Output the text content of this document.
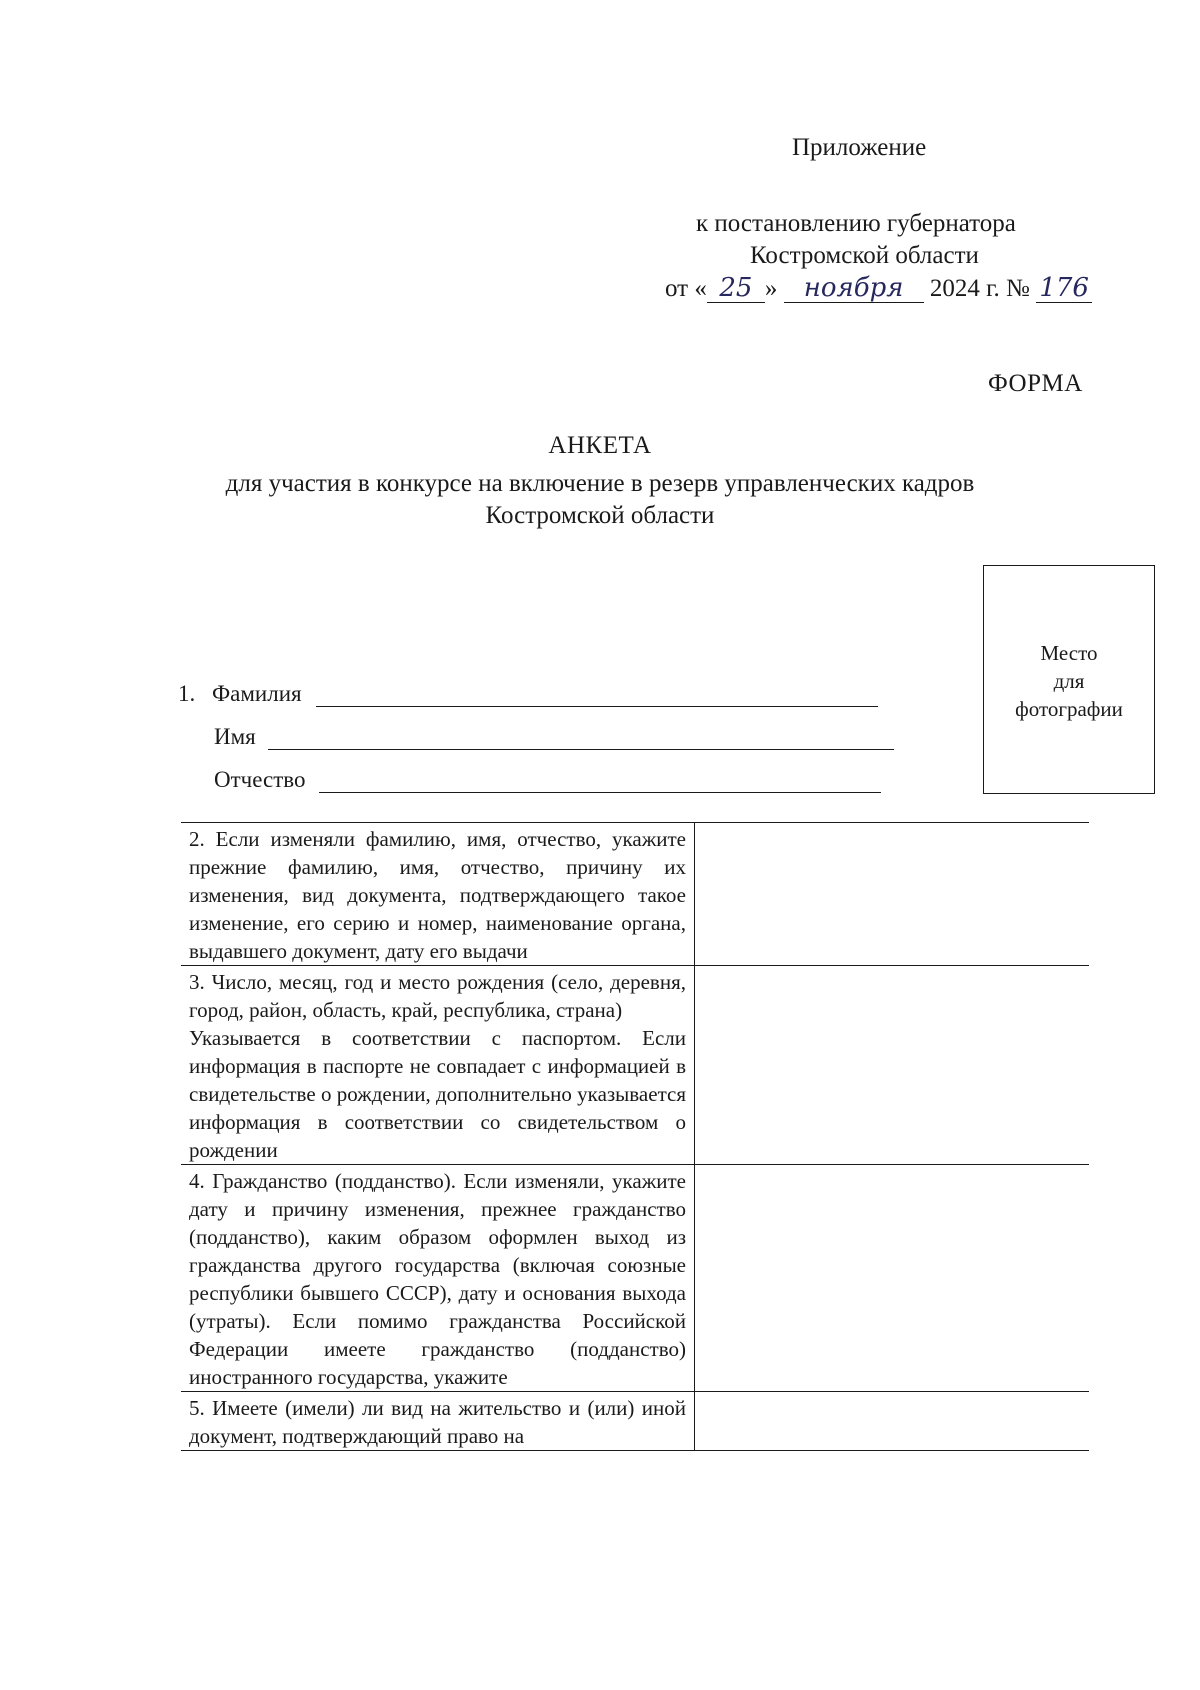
Приложение
к постановлению губернатора
Костромской области
от « 25 » ноября 2024 г. № 176
ФОРМА
АНКЕТА
для участия в конкурсе на включение в резерв управленческих кадров
Костромской области
Место
для
фотографии
1. Фамилия
Имя
Отчество

2. Если изменяли фамилию, имя, отчество, укажите прежние фамилию, имя, отчество, причину их изменения, вид документа, подтверждающего такое изменение, его серию и номер, наименование органа, выдавшего документ, дату его выдачи	

3. Число, месяц, год и место рождения (село, деревня, город, район, область, край, республика, страна)

Указывается в соответствии с паспортом. Если информация в паспорте не совпадает с информацией в свидетельстве о рождении, дополнительно указывается информация в соответствии со свидетельством о рождении	

4. Гражданство (подданство). Если изменяли, укажите дату и причину изменения, прежнее гражданство (подданство), каким образом оформлен выход из гражданства другого государства (включая союзные республики бывшего СССР), дату и основания выхода (утраты). Если помимо гражданства Российской Федерации имеете гражданство (подданство) иностранного государства, укажите	

5. Имеете (имели) ли вид на жительство и (или) иной документ, подтверждающий право на	
